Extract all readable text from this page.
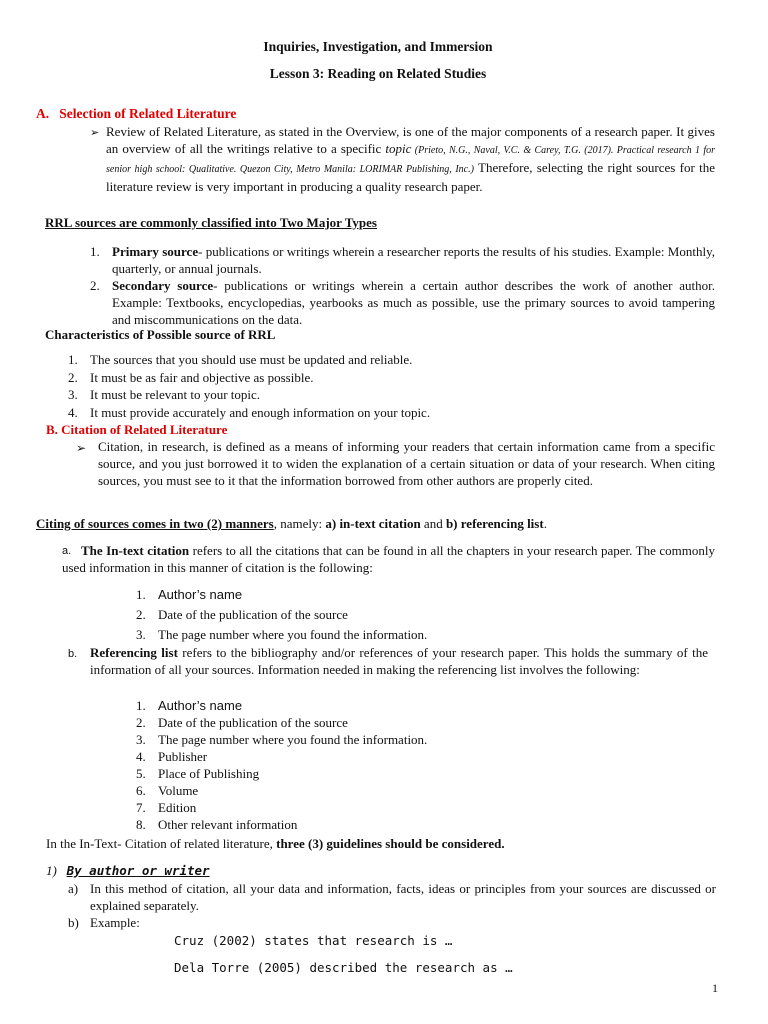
Inquiries, Investigation, and Immersion
Lesson 3: Reading on Related Studies
A. Selection of Related Literature
➢ Review of Related Literature, as stated in the Overview, is one of the major components of a research paper. It gives an overview of all the writings relative to a specific topic (Prieto, N.G., Naval, V.C. & Carey, T.G. (2017). Practical research 1 for senior high school: Qualitative. Quezon City, Metro Manila: LORIMAR Publishing, Inc.) Therefore, selecting the right sources for the literature review is very important in producing a quality research paper.
RRL sources are commonly classified into Two Major Types
1. Primary source- publications or writings wherein a researcher reports the results of his studies. Example: Monthly, quarterly, or annual journals.
2. Secondary source- publications or writings wherein a certain author describes the work of another author. Example: Textbooks, encyclopedias, yearbooks as much as possible, use the primary sources to avoid tampering and miscommunications on the data.
Characteristics of Possible source of RRL
1. The sources that you should use must be updated and reliable.
2. It must be as fair and objective as possible.
3. It must be relevant to your topic.
4. It must provide accurately and enough information on your topic.
B. Citation of Related Literature
➢ Citation, in research, is defined as a means of informing your readers that certain information came from a specific source, and you just borrowed it to widen the explanation of a certain situation or data of your research. When citing sources, you must see to it that the information borrowed from other authors are properly cited.
Citing of sources comes in two (2) manners, namely: a) in-text citation and b) referencing list.
a. The In-text citation refers to all the citations that can be found in all the chapters in your research paper. The commonly used information in this manner of citation is the following:
1. Author’s name
2. Date of the publication of the source
3. The page number where you found the information.
b. Referencing list refers to the bibliography and/or references of your research paper. This holds the summary of the information of all your sources. Information needed in making the referencing list involves the following:
1. Author’s name
2. Date of the publication of the source
3. The page number where you found the information.
4. Publisher
5. Place of Publishing
6. Volume
7. Edition
8. Other relevant information
In the In-Text- Citation of related literature, three (3) guidelines should be considered.
1) By author or writer
a) In this method of citation, all your data and information, facts, ideas or principles from your sources are discussed or explained separately.
b) Example:
Cruz (2002) states that research is …
Dela Torre (2005) described the research as …
1
